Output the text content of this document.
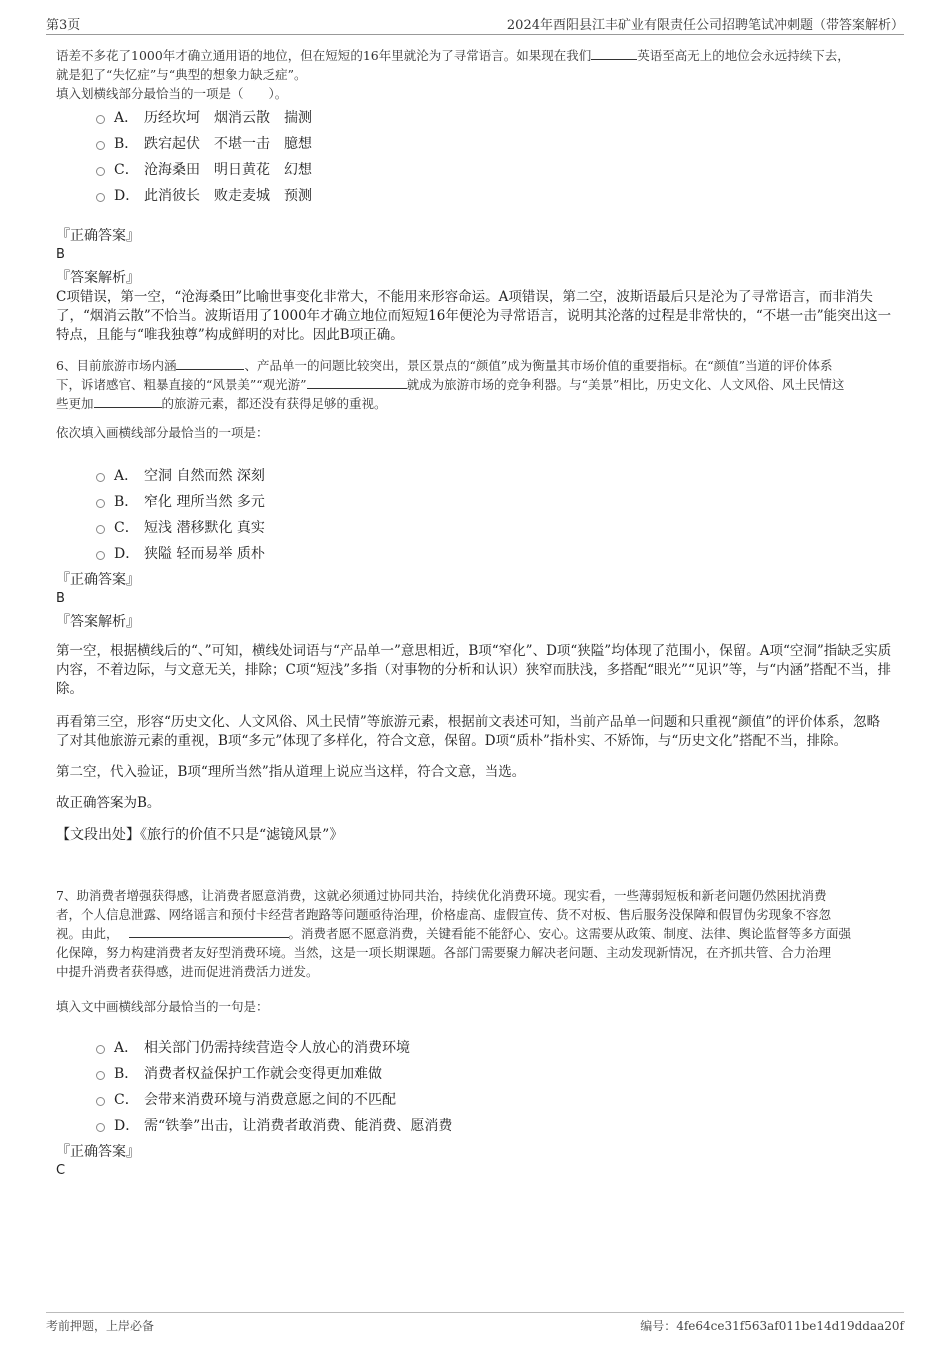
第3页	2024年酉阳县江丰矿业有限责任公司招聘笔试冲刺题（带答案解析）
语差不多花了1000年才确立通用语的地位，但在短短的16年里就沦为了寻常语言。如果现在我们	英语至高无上的地位会永远持续下去，
就是犯了“失忆症”与“典型的想象力缺乏症”。
填入划横线部分最恰当的一项是（　　）。
A． 历经坎坷　烟消云散　揣测
B． 跌宕起伏　不堪一击　臆想
C． 沧海桑田　明日黄花　幻想
D． 此消彼长　败走麦城　预测
『正确答案』
B
『答案解析』
C项错误，第一空，“沧海桑田”比喻世事变化非常大，不能用来形容命运。A项错误，第二空，波斯语最后只是沦为了寻常语言，而非消失了，“烟消云散”不恰当。波斯语用了1000年才确立地位而短短16年便沦为寻常语言，说明其沦落的过程是非常快的，“不堪一击”能突出这一特点，且能与“唯我独尊”构成鲜明的对比。因此B项正确。
6、目前旅游市场内涵	、产品单一的问题比较突出，景区景点的“颜值”成为衡量其市场价值的重要指标。在“颜值”当道的评价体系
下，诉诸感官、粗暴直接的“风景美”“观光游”	就成为旅游市场的竞争利器。与“美景”相比，历史文化、人文风俗、风土民情这
些更加	的旅游元素，都还没有获得足够的重视。
依次填入画横线部分最恰当的一项是：
A． 空洞 自然而然 深刻
B． 窄化 理所当然 多元
C． 短浅 潜移默化 真实
D． 狭隘 轻而易举 质朴
『正确答案』
B
『答案解析』
第一空，根据横线后的“、”可知，横线处词语与“产品单一”意思相近，B项“窄化”、D项“狭隘”均体现了范围小，保留。A项“空洞”指缺乏实质内容，不着边际，与文意无关，排除；C项“短浅”多指（对事物的分析和认识）狭窄而肤浅，多搭配“眼光”“见识”等，与“内涵”搭配不当，排除。
再看第三空，形容“历史文化、人文风俗、风土民情”等旅游元素，根据前文表述可知，当前产品单一问题和只重视“颜值”的评价体系，忽略了对其他旅游元素的重视，B项“多元”体现了多样化，符合文意，保留。D项“质朴”指朴实、不矫饰，与“历史文化”搭配不当，排除。
第二空，代入验证，B项“理所当然”指从道理上说应当这样，符合文意，当选。
故正确答案为B。
【文段出处】《旅行的价值不只是“滤镜风景”》
7、助消费者增强获得感，让消费者愿意消费，这就必须通过协同共治，持续优化消费环境。现实看，一些薄弱短板和新老问题仍然困扰消费
者，个人信息泄露、网络谣言和预付卡经营者跑路等问题亟待治理，价格虚高、虚假宣传、货不对板、售后服务没保障和假冒伪劣现象不容忽
视。由此，	。消费者愿不愿意消费，关键看能不能舒心、安心。这需要从政策、制度、法律、舆论监督等多方面强
化保障，努力构建消费者友好型消费环境。当然，这是一项长期课题。各部门需要聚力解决老问题、主动发现新情况，在齐抓共管、合力治理
中提升消费者获得感，进而促进消费活力迸发。
填入文中画横线部分最恰当的一句是：
A． 相关部门仍需持续营造令人放心的消费环境
B． 消费者权益保护工作就会变得更加难做
C． 会带来消费环境与消费意愿之间的不匹配
D． 需“铁拳”出击，让消费者敢消费、能消费、愿消费
『正确答案』
C
考前押题，上岸必备	编号：4fe64ce31f563af011be14d19ddaa20f
